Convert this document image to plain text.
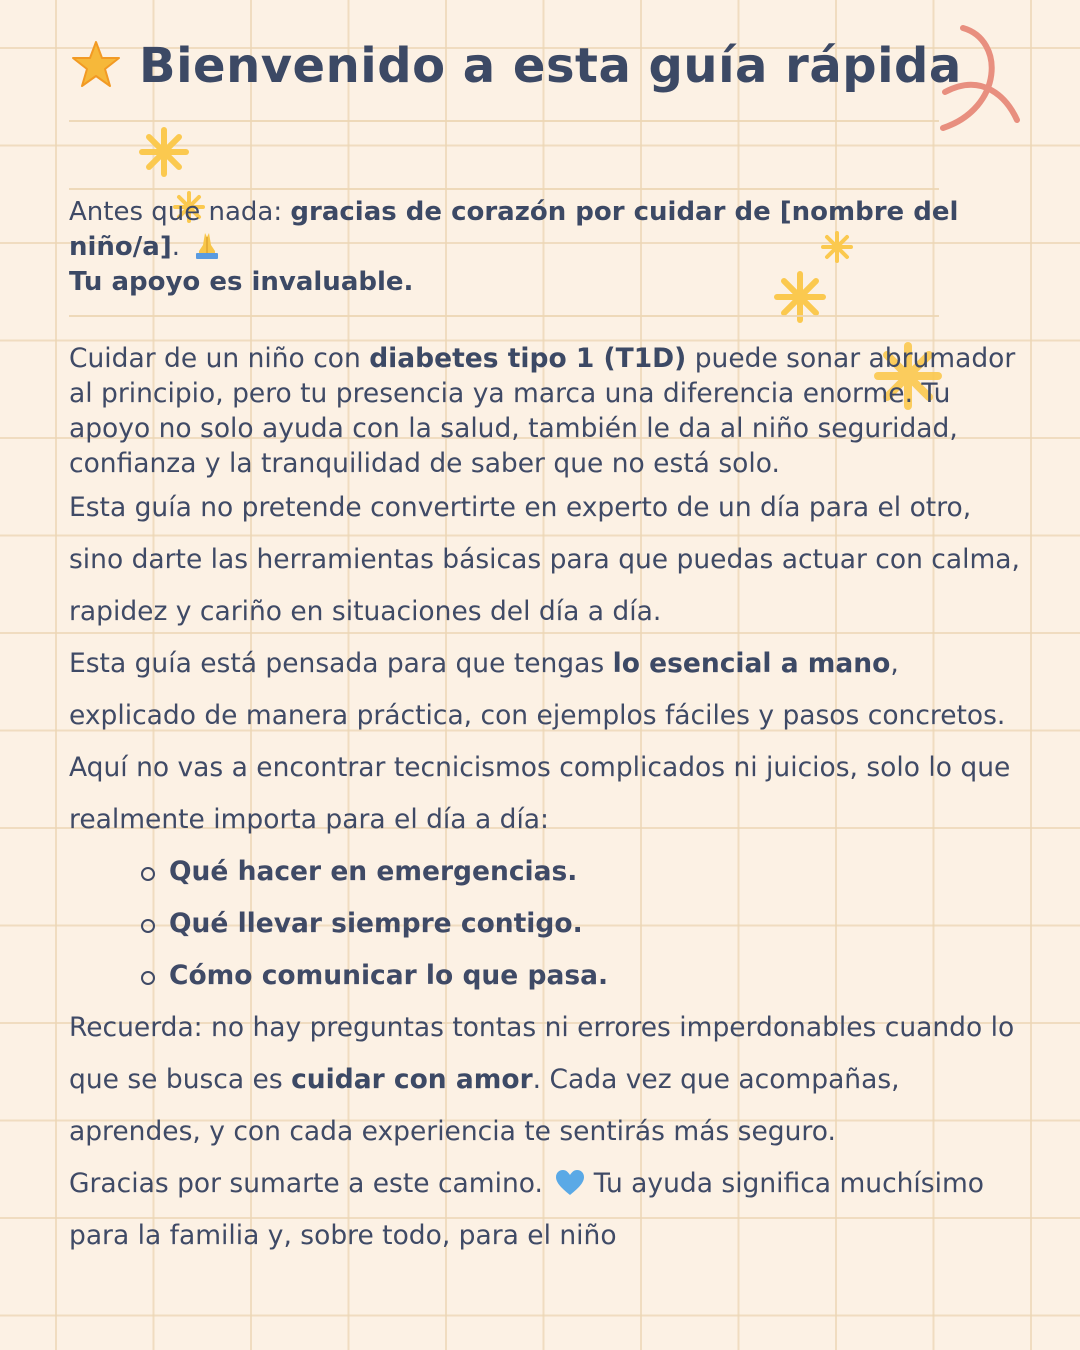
Bienvenido a esta guía rápida
Antes que nada: gracias de corazón por cuidar de [nombre del niño/a].
Tu apoyo es invaluable.
Cuidar de un niño con diabetes tipo 1 (T1D) puede sonar abrumador al principio, pero tu presencia ya marca una diferencia enorme. Tu apoyo no solo ayuda con la salud, también le da al niño seguridad, confianza y la tranquilidad de saber que no está solo.

Esta guía no pretende convertirte en experto de un día para el otro, sino darte las herramientas básicas para que puedas actuar con calma, rapidez y cariño en situaciones del día a día.

Esta guía está pensada para que tengas lo esencial a mano, explicado de manera práctica, con ejemplos fáciles y pasos concretos. Aquí no vas a encontrar tecnicismos complicados ni juicios, solo lo que realmente importa para el día a día:

Qué hacer en emergencias.
Qué llevar siempre contigo.
Cómo comunicar lo que pasa.

Recuerda: no hay preguntas tontas ni errores imperdonables cuando lo que se busca es cuidar con amor. Cada vez que acompañas, aprendes, y con cada experiencia te sentirás más seguro.

Gracias por sumarte a este camino.  Tu ayuda significa muchísimo para la familia y, sobre todo, para el niño
